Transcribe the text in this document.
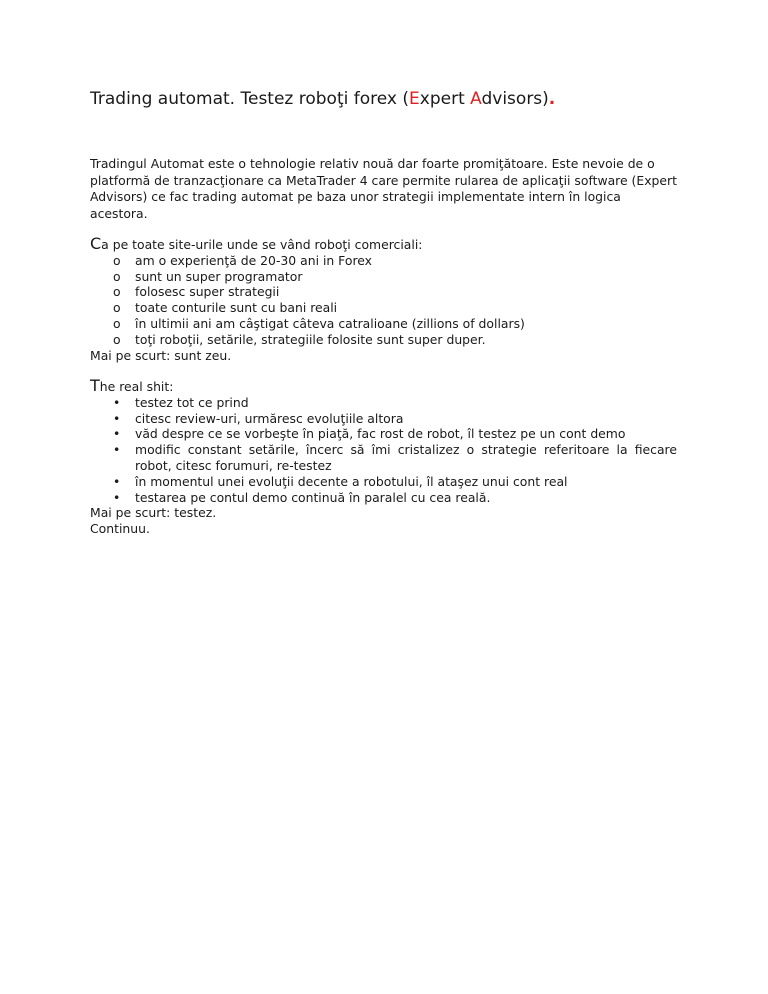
Trading automat. Testez roboţi forex (Expert Advisors).

Tradingul Automat este o tehnologie relativ nouă dar foarte promiţătoare. Este nevoie de o platformă de tranzacţionare ca MetaTrader 4 care permite rularea de aplicaţii software (Expert Advisors) ce fac trading automat pe baza unor strategii implementate intern în logica acestora.

Ca pe toate site-urile unde se vând roboţi comerciali:

o am o experienţă de 20-30 ani in Forex
o sunt un super programator
o folosesc super strategii
o toate conturile sunt cu bani reali
o în ultimii ani am câştigat câteva catralioane (zillions of dollars)
o toţi roboţii, setările, strategiile folosite sunt super duper.

Mai pe scurt: sunt zeu.

The real shit:

• testez tot ce prind
• citesc review-uri, urmăresc evoluţiile altora
• văd despre ce se vorbeşte în piaţă, fac rost de robot, îl testez pe un cont demo
• modific constant setările, încerc să îmi cristalizez o strategie referitoare la fiecare robot, citesc forumuri, re-testez
• în momentul unei evoluţii decente a robotului, îl ataşez unui cont real
• testarea pe contul demo continuă în paralel cu cea reală.

Mai pe scurt: testez.

Continuu.
